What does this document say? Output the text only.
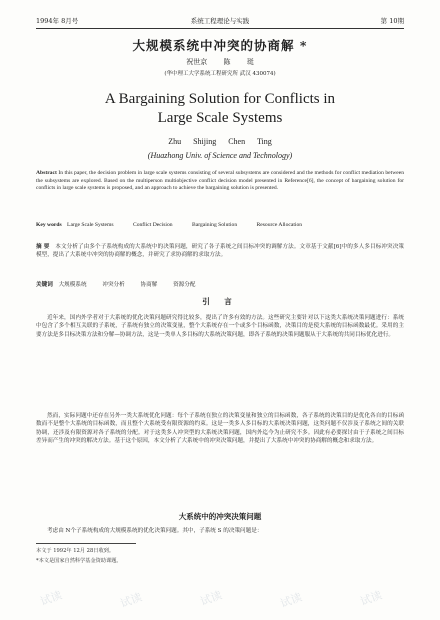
1994年 8月号	系统工程理论与实践	第 10期
大规模系统中冲突的协商解 *
祝世京 陈 珽
(华中理工大学系统工程研究所 武汉 430074)
A Bargaining Solution for Conflicts in
Large Scale Systems
Zhu Shijing Chen Ting
(Huazhong Univ. of Science and Technology)
Abstract In this paper, the decision problem in large scale systems consisting of several subsystems are considered and the methods for conflict mediation between the subsystems are explored. Based on the multiperson multiobjective conflict decision model presented in Reference[6], the concept of bargaining solution for conflicts in large scale systems is proposed, and an approach to achieve the bargaining solution is presented.
Key words Large Scale Systems	Conflict Decision	Bargaining Solution	Resource Allocation
摘 要 本文分析了由多个子系统构成的大系统中的决策问题，研究了各子系统之间目标冲突的调解方法。文章基于文献[6]中的多人多目标冲突决策模型，提出了大系统中冲突的协商解的概念，并研究了求协商解的求取方法。
关键词 大规模系统	冲突分析	协商解	资源分配
引 言
近年来，国内外学者对于大系统的优化决策问题研究得比较多，提出了许多有效的方法。这些研究主要针对以下这类大系统决策问题进行：系统中包含了多个相互关联的子系统，子系统有独立的决策变量，整个大系统存在一个或多个目标函数，决策目的是使大系统的目标函数最优。采用的主要方法是多目标决策方法和分解—协调方法，这是一类单人多目标的大系统决策问题，即各子系统的决策问题服从于大系统的共同目标优化进行。
然而，实际问题中还存在另外一类大系统优化问题：每个子系统在独立的决策变量和独立的目标函数，各子系统的决策目的是优化各自的目标函数而不是整个大系统的目标函数，而且整个大系统受有限资源的约束。这是一类多人多目标的大系统决策问题，这类问题不仅涉及子系统之间的关联协调，还涉及有限资源对各子系统的分配。对于这类多人冲突型的大系统决策问题，国内外迄今为止研究不多。因此有必要探讨由于子系统之间目标差异而产生的冲突的解决方法。基于这个原因，本文分析了大系统中的冲突决策问题，并提出了大系统中冲突的协商解的概念和求取方法。
大系统中的冲突决策问题
考虑由 N个子系统构成的大规模系统的优化决策问题。其中，子系统 S 的决策问题是：
本文于 1992年 12月 28日收到。
*本文是国家自然科学基金资助课题。
试读	试读	试读	试读	试读
